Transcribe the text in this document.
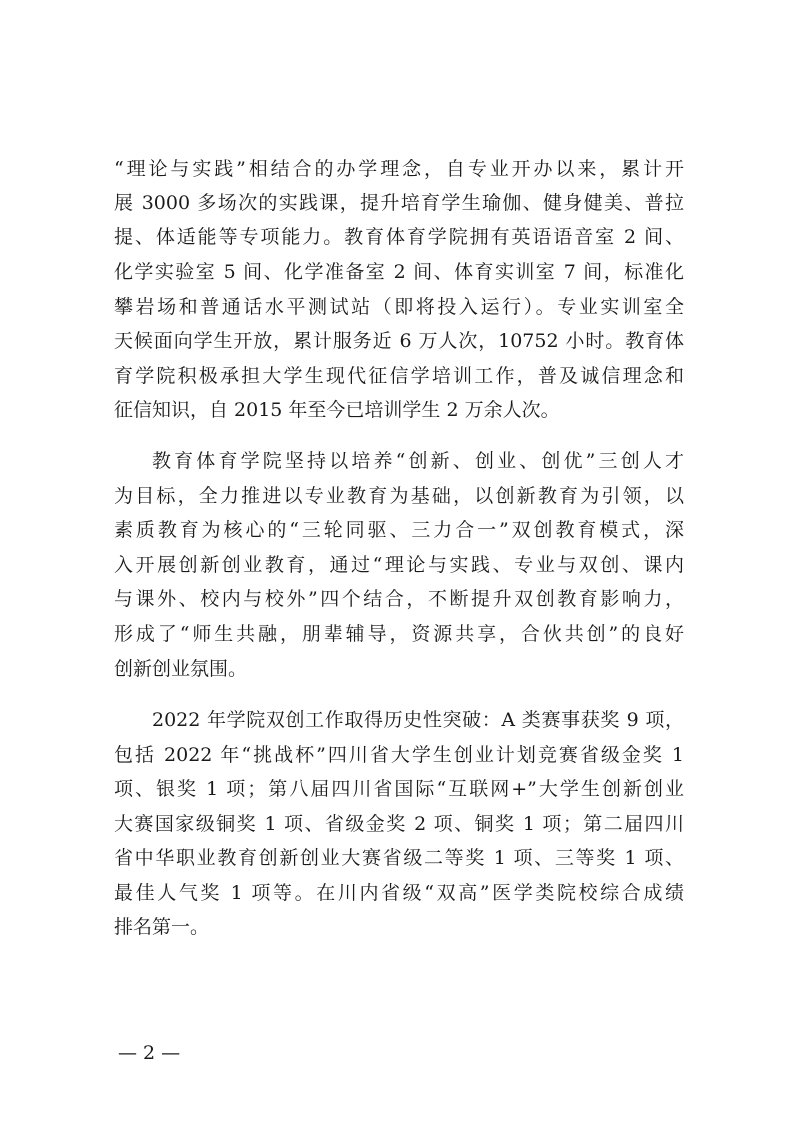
“理论与实践”相结合的办学理念，自专业开办以来，累计开
展 3000 多场次的实践课，提升培育学生瑜伽、健身健美、普拉
提、体适能等专项能力。教育体育学院拥有英语语音室 2 间、
化学实验室 5 间、化学准备室 2 间、体育实训室 7 间，标准化
攀岩场和普通话水平测试站（即将投入运行）。专业实训室全
天候面向学生开放，累计服务近 6 万人次，10752 小时。教育体
育学院积极承担大学生现代征信学培训工作，普及诚信理念和
征信知识，自 2015 年至今已培训学生 2 万余人次。
教育体育学院坚持以培养“创新、创业、创优”三创人才
为目标，全力推进以专业教育为基础，以创新教育为引领，以
素质教育为核心的“三轮同驱、三力合一”双创教育模式，深
入开展创新创业教育，通过“理论与实践、专业与双创、课内
与课外、校内与校外”四个结合，不断提升双创教育影响力，
形成了“师生共融，朋辈辅导，资源共享，合伙共创”的良好
创新创业氛围。
2022 年学院双创工作取得历史性突破：A 类赛事获奖 9 项，
包括 2022 年“挑战杯”四川省大学生创业计划竞赛省级金奖 1
项、银奖 1 项；第八届四川省国际“互联网+”大学生创新创业
大赛国家级铜奖 1 项、省级金奖 2 项、铜奖 1 项；第二届四川
省中华职业教育创新创业大赛省级二等奖 1 项、三等奖 1 项、
最佳人气奖 1 项等。在川内省级“双高”医学类院校综合成绩
排名第一。
— 2 —
